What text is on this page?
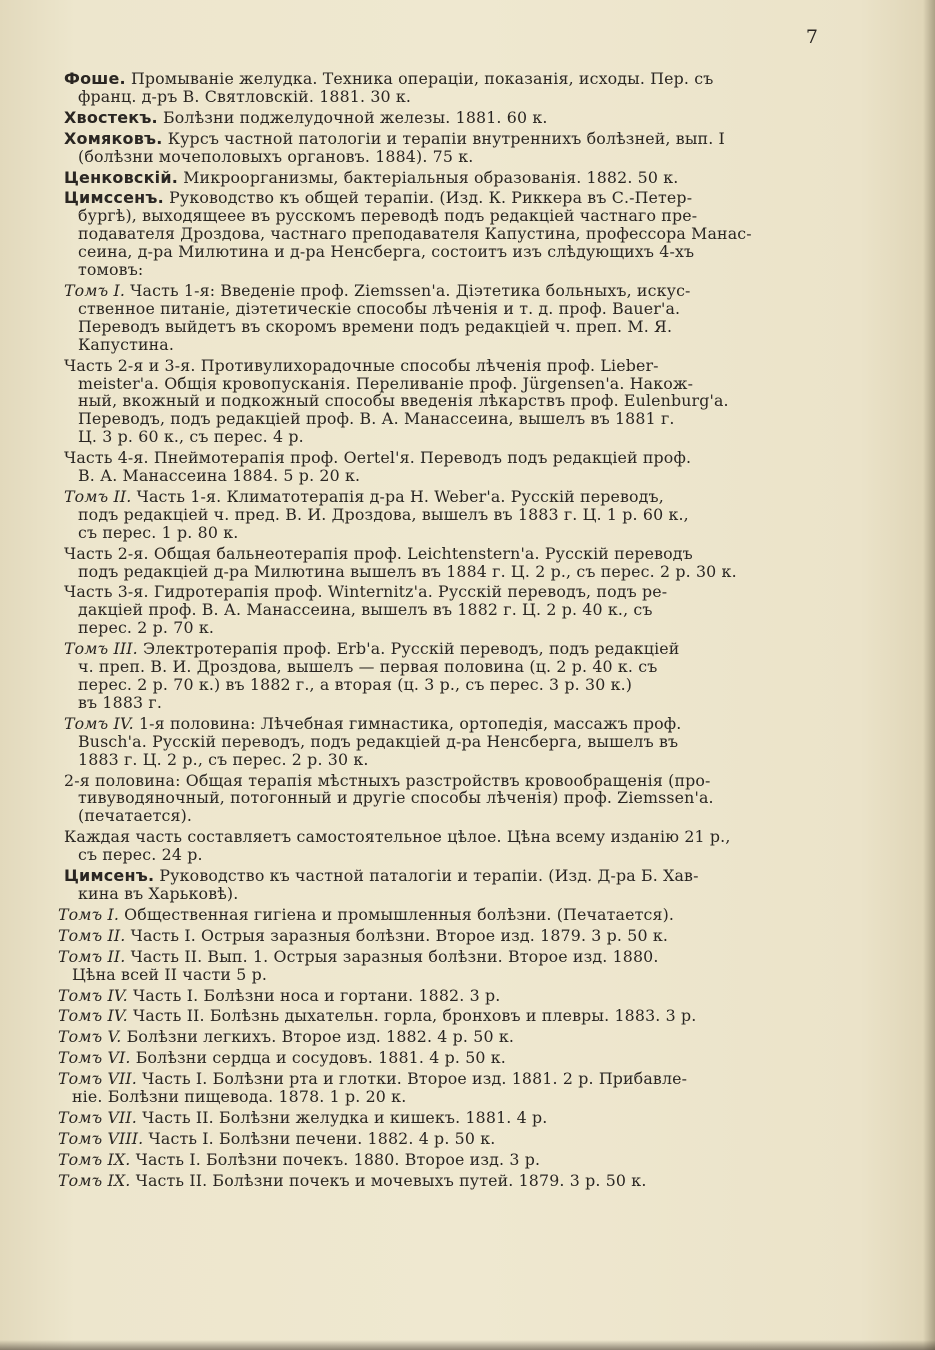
7

Фоше. Промываніе желудка. Техника операціи, показанія, исходы. Пер. съ
франц. д-ръ В. Святловскій. 1881. 30 к.

Хвостекъ. Болѣзни поджелудочной железы. 1881. 60 к.

Хомяковъ. Курсъ частной патологіи и терапіи внутреннихъ болѣзней, вып. I
(болѣзни мочеполовыхъ органовъ. 1884). 75 к.

Ценковскій. Микроорганизмы, бактеріальныя образованія. 1882. 50 к.

Цимссенъ. Руководство къ общей терапіи. (Изд. К. Риккера въ С.-Петер-
бургѣ), выходящеее въ русскомъ переводѣ подъ редакціей частнаго пре-
подавателя Дроздова, частнаго преподавателя Капустина, профессора Манас-
сеина, д-ра Милютина и д-ра Ненсберга, состоитъ изъ слѣдующихъ 4-хъ
томовъ:

Томъ I. Часть 1-я: Введеніе проф. Ziemssen'a. Діэтетика больныхъ, искус-
ственное питаніе, діэтетическіе способы лѣченія и т. д. проф. Bauer'a.
Переводъ выйдетъ въ скоромъ времени подъ редакціей ч. преп. М. Я.
Капустина.

Часть 2-я и 3-я. Противулихорадочные способы лѣченія проф. Lieber-
meister'a. Общія кровопусканія. Переливаніе проф. Jürgensen'a. Накож-
ный, вкожный и подкожный способы введенія лѣкарствъ проф. Eulenburg'a.
Переводъ, подъ редакціей проф. В. А. Манассеина, вышелъ въ 1881 г.
Ц. 3 р. 60 к., съ перес. 4 р.

Часть 4-я. Пнеймотерапія проф. Oertel'я. Переводъ подъ редакціей проф.
В. А. Манассеина 1884. 5 р. 20 к.

Томъ II. Часть 1-я. Климатотерапія д-ра H. Weber'a. Русскій переводъ,
подъ редакціей ч. пред. В. И. Дроздова, вышелъ въ 1883 г. Ц. 1 р. 60 к.,
съ перес. 1 р. 80 к.

Часть 2-я. Общая бальнеотерапія проф. Leichtenstern'a. Русскій переводъ
подъ редакціей д-ра Милютина вышелъ въ 1884 г. Ц. 2 р., съ перес. 2 р. 30 к.

Часть 3-я. Гидротерапія проф. Winternitz'a. Русскій переводъ, подъ ре-
дакціей проф. В. А. Манассеина, вышелъ въ 1882 г. Ц. 2 р. 40 к., съ
перес. 2 р. 70 к.

Томъ III. Электротерапія проф. Erb'a. Русскій переводъ, подъ редакціей
ч. преп. В. И. Дроздова, вышелъ — первая половина (ц. 2 р. 40 к. съ
перес. 2 р. 70 к.) въ 1882 г., а вторая (ц. 3 р., съ перес. 3 р. 30 к.)
въ 1883 г.

Томъ IV. 1-я половина: Лѣчебная гимнастика, ортопедія, массажъ проф.
Busch'a. Русскій переводъ, подъ редакціей д-ра Ненсберга, вышелъ въ
1883 г. Ц. 2 р., съ перес. 2 р. 30 к.

2-я половина: Общая терапія мѣстныхъ разстройствъ кровообращенія (про-
тивуводяночный, потогонный и другіе способы лѣченія) проф. Ziemssen'a.
(печатается).

Каждая часть составляетъ самостоятельное цѣлое. Цѣна всему изданію 21 р.,
съ перес. 24 р.

Цимсенъ. Руководство къ частной паталогіи и терапіи. (Изд. Д-ра Б. Хав-
кина въ Харьковѣ).

Томъ I. Общественная гигіена и промышленныя болѣзни. (Печатается).

Томъ II. Часть I. Острыя заразныя болѣзни. Второе изд. 1879. 3 р. 50 к.

Томъ II. Часть II. Вып. 1. Острыя заразныя болѣзни. Второе изд. 1880.
Цѣна всей II части 5 р.

Томъ IV. Часть I. Болѣзни носа и гортани. 1882. 3 р.

Томъ IV. Часть II. Болѣзнь дыхательн. горла, бронховъ и плевры. 1883. 3 р.

Томъ V. Болѣзни легкихъ. Второе изд. 1882. 4 р. 50 к.

Томъ VI. Болѣзни сердца и сосудовъ. 1881. 4 р. 50 к.

Томъ VII. Часть I. Болѣзни рта и глотки. Второе изд. 1881. 2 р. Прибавле-
ніе. Болѣзни пищевода. 1878. 1 р. 20 к.

Томъ VII. Часть II. Болѣзни желудка и кишекъ. 1881. 4 р.

Томъ VIII. Часть I. Болѣзни печени. 1882. 4 р. 50 к.

Томъ IX. Часть I. Болѣзни почекъ. 1880. Второе изд. 3 р.

Томъ IX. Часть II. Болѣзни почекъ и мочевыхъ путей. 1879. 3 р. 50 к.
